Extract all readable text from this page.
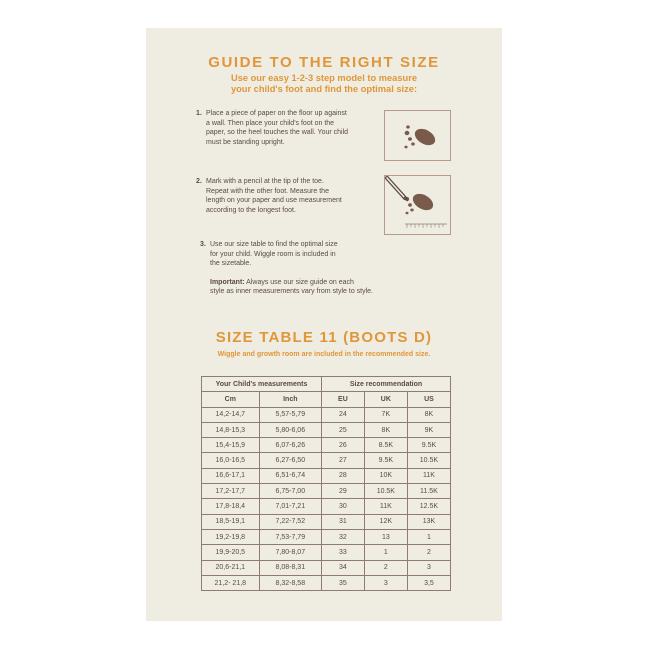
GUIDE TO THE RIGHT SIZE
Use our easy 1-2-3 step model to measure
your child's foot and find the optimal size:
1. Place a piece of paper on the floor up against

a wall. Then place your child's foot on the

paper, so the heel touches the wall. Your child

must be standing upright.

2. Mark with a pencil at the tip of the toe.

Repeat with the other foot. Measure the

length on your paper and use measurement

according to the longest foot.

3. Use our size table to find the optimal size

for your child. Wiggle room is included in

the sizetable.

Important: Always use our size guide on each

style as inner measurements vary from style to style.

SIZE TABLE 11 (BOOTS D)
Wiggle and growth room are included in the recommended size.
Your Child's measurements		Size recommendation		
Cm	Inch	EU	UK	US
14,2-14,7	5,57-5,79	24	7K	8K
14,8-15,3	5,80-6,06	25	8K	9K
15,4-15,9	6,07-6,26	26	8.5K	9.5K
16,0-16,5	6,27-6,50	27	9.5K	10.5K
16,6-17,1	6,51-6,74	28	10K	11K
17,2-17,7	6,75-7,00	29	10.5K	11.5K
17,8-18,4	7,01-7,21	30	11K	12.5K
18,5-19,1	7,22-7,52	31	12K	13K
19,2-19,8	7,53-7,79	32	13	1
19,9-20,5	7,80-8,07	33	1	2
20,6-21,1	8,08-8,31	34	2	3
21,2- 21,8	8,32-8,58	35	3	3,5
